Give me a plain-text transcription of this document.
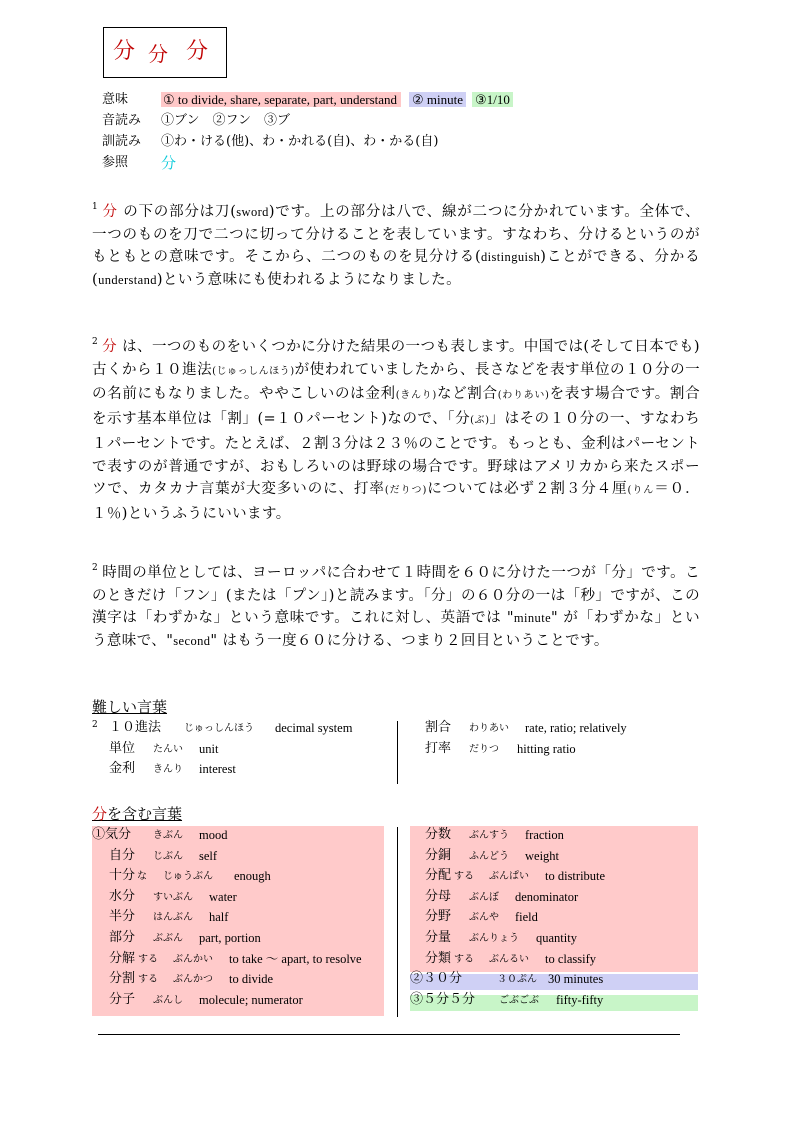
分 分 分
意味	① to divide, share, separate, part, understand ② minute ③1/10
音読み ①ブン　②フン　③ブ
訓読み ①わ・ける(他)、わ・かれる(自)、わ・かる(自)
参照 分
$^1$ 分 の下の部分は刀(sword)です。上の部分は八で、線が二つに分かれています。全体で、一つのものを刀で二つに切って分けることを表しています。すなわち、分けるというのがもともとの意味です。そこから、二つのものを見分ける(distinguish)ことができる、分かる(understand)という意味にも使われるようになりました。
$^2$ 分 は、一つのものをいくつかに分けた結果の一つも表します。中国では(そして日本でも)古くから１０進法(じゅっしんほう)が使われていましたから、長さなどを表す単位の１０分の一の名前にもなりました。ややこしいのは金利(きんり)など割合(わりあい)を表す場合です。割合を示す基本単位は「割」(=１０パーセント)なので、「分(ぶ)」はその１０分の一、すなわち１パーセントです。たとえば、２割３分は２３％のことです。もっとも、金利はパーセントで表すのが普通ですが、おもしろいのは野球の場合です。野球はアメリカから来たスポーツで、カタカナ言葉が大変多いのに、打率(だりつ)については必ず２割３分４厘(りん＝０．１％)というふうにいいます。
$^2$ 時間の単位としては、ヨーロッパに合わせて１時間を６０に分けた一つが「分」です。このときだけ「フン」(または「プン」)と読みます。「分」の６０分の一は「秒」ですが、この漢字は「わずかな」という意味です。これに対し、英語では "minute" が「わずかな」という意味で、"second" はもう一度６０に分ける、つまり２回目ということです。
難しい言葉
2 １０進法 じゅっしんほう decimal system
単位 たんい unit
金利 きんり interest
割合 わりあい rate, ratio; relatively
打率 だりつ hitting ratio
分を含む言葉
①気分 きぶん mood
自分 じぶん self
十分 な じゅうぶん enough
水分 すいぶん water
半分 はんぶん half
部分 ぶぶん part, portion
分解 する ぶんかい to take ～ apart, to resolve
分割 する ぶんかつ to divide
分子 ぶんし molecule; numerator
分数 ぶんすう fraction
分銅 ふんどう weight
分配 する ぶんぱい to distribute
分母 ぶんぼ denominator
分野 ぶんや field
分量 ぶんりょう quantity
分類 する ぶんるい to classify
②３０分	３０ぷん 30 minutes
③５分５分 ごぶごぶ fifty-fifty
